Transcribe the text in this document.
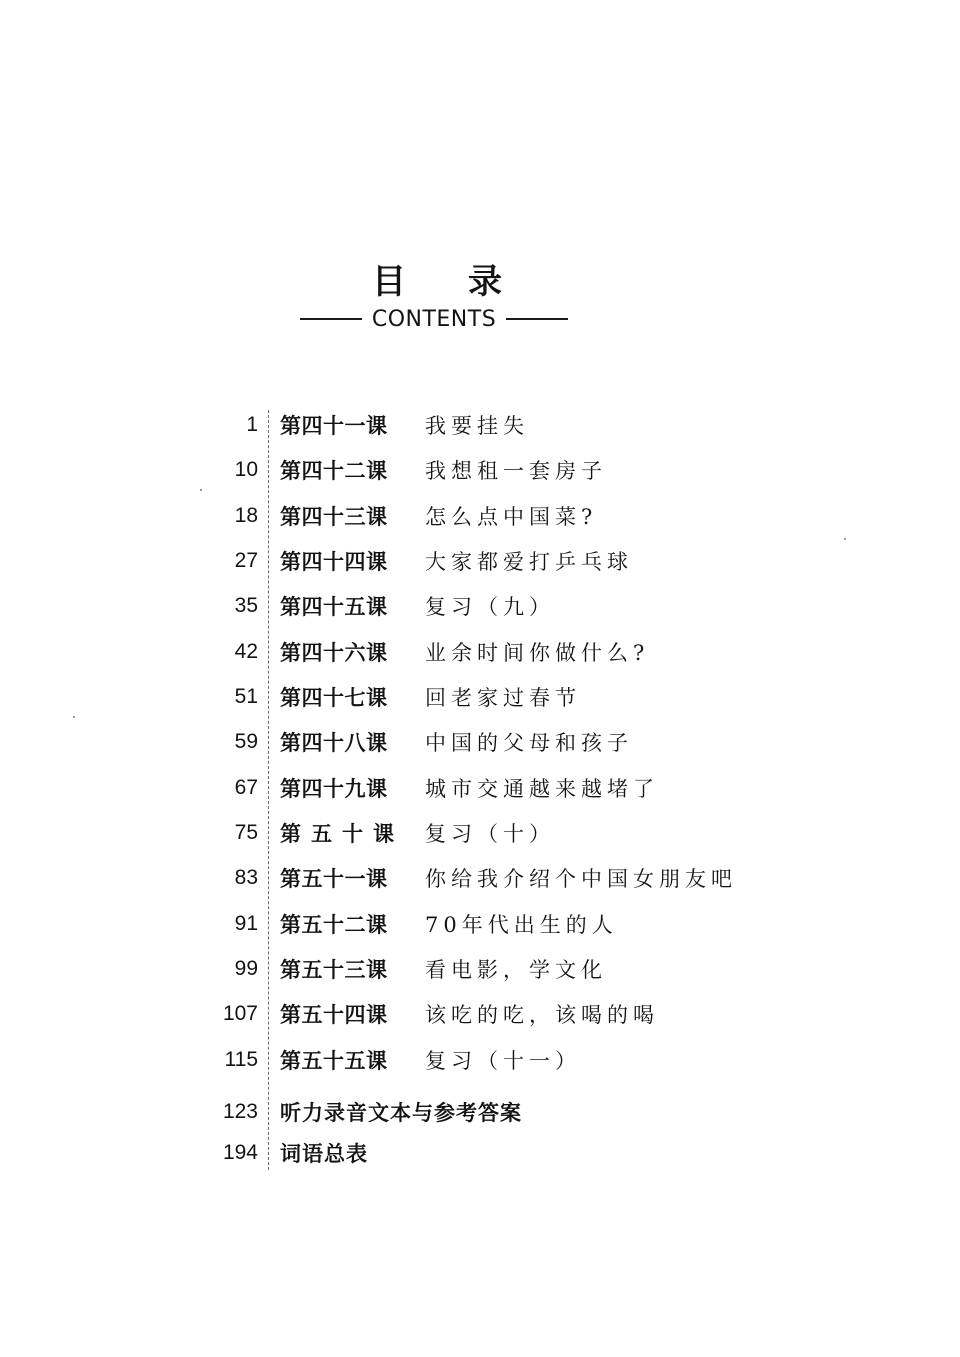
目录
CONTENTS
1	第四十一课	我要挂失
10	第四十二课	我想租一套房子
18	第四十三课	怎么点中国菜?
27	第四十四课	大家都爱打乒乓球
35	第四十五课	复习（九）
42	第四十六课	业余时间你做什么?
51	第四十七课	回老家过春节
59	第四十八课	中国的父母和孩子
67	第四十九课	城市交通越来越堵了
75	第五十课	复习（十）
83	第五十一课	你给我介绍个中国女朋友吧
91	第五十二课	70年代出生的人
99	第五十三课	看电影，学文化
107	第五十四课	该吃的吃，该喝的喝
115	第五十五课	复习（十一）
123	听力录音文本与参考答案
194	词语总表
